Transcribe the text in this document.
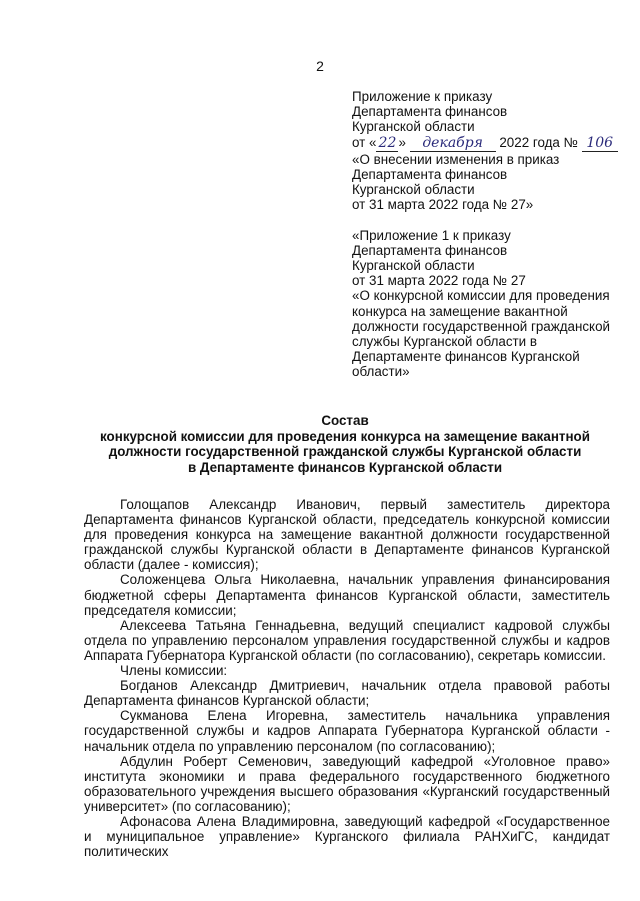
2
Приложение к приказу
Департамента финансов
Курганской области
от « 22 » декабря 2022 года № 106
«О внесении изменения в приказ
Департамента финансов
Курганской области
от 31 марта 2022 года № 27»
«Приложение 1 к приказу
Департамента финансов
Курганской области
от 31 марта 2022 года № 27
«О конкурсной комиссии для проведения
конкурса на замещение вакантной
должности государственной гражданской
службы Курганской области в
Департаменте финансов Курганской
области»
Состав
конкурсной комиссии для проведения конкурса на замещение вакантной
должности государственной гражданской службы Курганской области
в Департаменте финансов Курганской области

Голощапов Александр Иванович, первый заместитель директора Департамента финансов Курганской области, председатель конкурсной комиссии для проведения конкурса на замещение вакантной должности государственной гражданской службы Курганской области в Департаменте финансов Курганской области (далее - комиссия);

Соложенцева Ольга Николаевна, начальник управления финансирования бюджетной сферы Департамента финансов Курганской области, заместитель председателя комиссии;

Алексеева Татьяна Геннадьевна, ведущий специалист кадровой службы отдела по управлению персоналом управления государственной службы и кадров Аппарата Губернатора Курганской области (по согласованию), секретарь комиссии.

Члены комиссии:

Богданов Александр Дмитриевич, начальник отдела правовой работы Департамента финансов Курганской области;

Сукманова Елена Игоревна, заместитель начальника управления государственной службы и кадров Аппарата Губернатора Курганской области - начальник отдела по управлению персоналом (по согласованию);

Абдулин Роберт Семенович, заведующий кафедрой «Уголовное право» института экономики и права федерального государственного бюджетного образовательного учреждения высшего образования «Курганский государственный университет» (по согласованию);

Афонасова Алена Владимировна, заведующий кафедрой «Государственное и муниципальное управление» Курганского филиала РАНХиГС, кандидат политических
